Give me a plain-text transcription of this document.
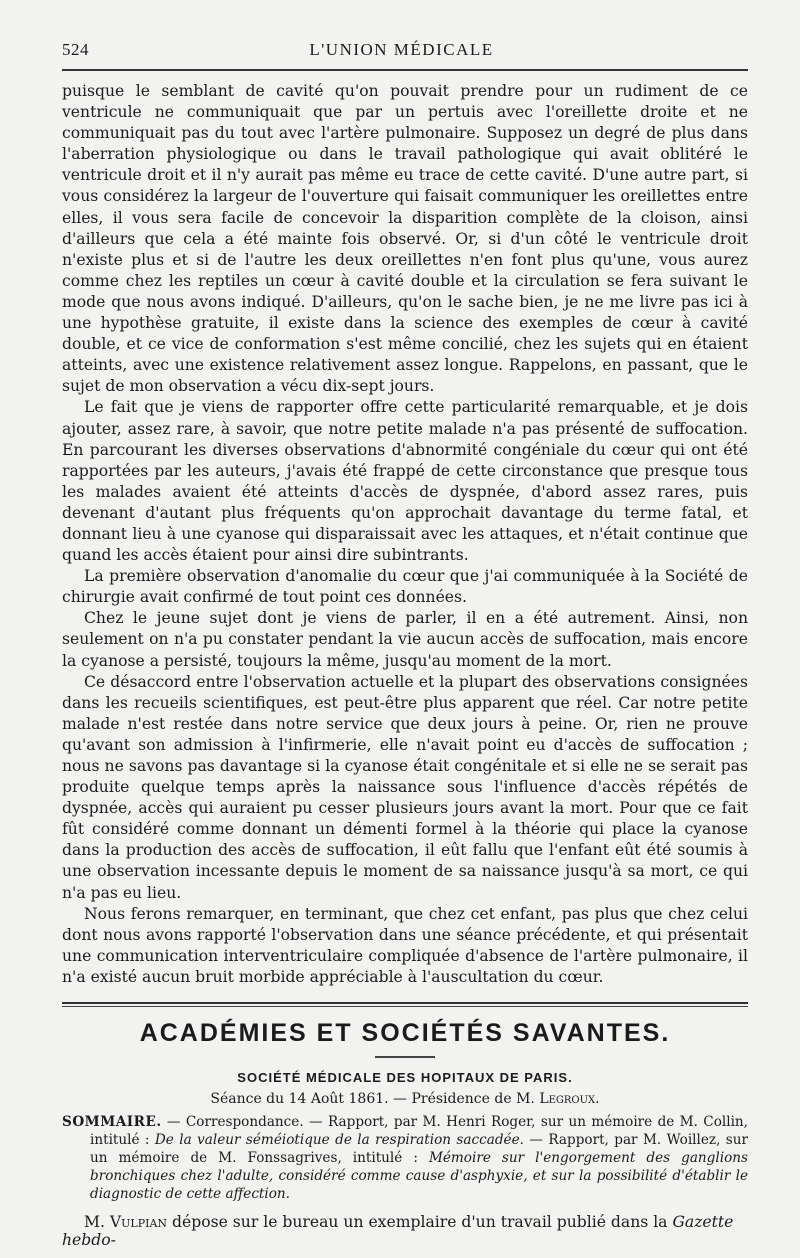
524	L'UNION MÉDICALE

puisque le semblant de cavité qu'on pouvait prendre pour un rudiment de ce ventricule ne communiquait que par un pertuis avec l'oreillette droite et ne communiquait pas du tout avec l'artère pulmonaire. Supposez un degré de plus dans l'aberration physiologique ou dans le travail pathologique qui avait oblitéré le ventricule droit et il n'y aurait pas même eu trace de cette cavité. D'une autre part, si vous considérez la largeur de l'ouverture qui faisait communiquer les oreillettes entre elles, il vous sera facile de concevoir la disparition complète de la cloison, ainsi d'ailleurs que cela a été mainte fois observé. Or, si d'un côté le ventricule droit n'existe plus et si de l'autre les deux oreillettes n'en font plus qu'une, vous aurez comme chez les reptiles un cœur à cavité double et la circulation se fera suivant le mode que nous avons indiqué. D'ailleurs, qu'on le sache bien, je ne me livre pas ici à une hypothèse gratuite, il existe dans la science des exemples de cœur à cavité double, et ce vice de conformation s'est même concilié, chez les sujets qui en étaient atteints, avec une existence relativement assez longue. Rappelons, en passant, que le sujet de mon observation a vécu dix-sept jours.

Le fait que je viens de rapporter offre cette particularité remarquable, et je dois ajouter, assez rare, à savoir, que notre petite malade n'a pas présenté de suffocation. En parcourant les diverses observations d'abnormité congéniale du cœur qui ont été rapportées par les auteurs, j'avais été frappé de cette circonstance que presque tous les malades avaient été atteints d'accès de dyspnée, d'abord assez rares, puis devenant d'autant plus fréquents qu'on approchait davantage du terme fatal, et donnant lieu à une cyanose qui disparaissait avec les attaques, et n'était continue que quand les accès étaient pour ainsi dire subintrants.

La première observation d'anomalie du cœur que j'ai communiquée à la Société de chirurgie avait confirmé de tout point ces données.

Chez le jeune sujet dont je viens de parler, il en a été autrement. Ainsi, non seulement on n'a pu constater pendant la vie aucun accès de suffocation, mais encore la cyanose a persisté, toujours la même, jusqu'au moment de la mort.

Ce désaccord entre l'observation actuelle et la plupart des observations consignées dans les recueils scientifiques, est peut-être plus apparent que réel. Car notre petite malade n'est restée dans notre service que deux jours à peine. Or, rien ne prouve qu'avant son admission à l'infirmerie, elle n'avait point eu d'accès de suffocation ; nous ne savons pas davantage si la cyanose était congénitale et si elle ne se serait pas produite quelque temps après la naissance sous l'influence d'accès répétés de dyspnée, accès qui auraient pu cesser plusieurs jours avant la mort. Pour que ce fait fût considéré comme donnant un démenti formel à la théorie qui place la cyanose dans la production des accès de suffocation, il eût fallu que l'enfant eût été soumis à une observation incessante depuis le moment de sa naissance jusqu'à sa mort, ce qui n'a pas eu lieu.

Nous ferons remarquer, en terminant, que chez cet enfant, pas plus que chez celui dont nous avons rapporté l'observation dans une séance précédente, et qui présentait une communication interventriculaire compliquée d'absence de l'artère pulmonaire, il n'a existé aucun bruit morbide appréciable à l'auscultation du cœur.

ACADÉMIES ET SOCIÉTÉS SAVANTES.
SOCIÉTÉ MÉDICALE DES HOPITAUX DE PARIS.
Séance du 14 Août 1861. — Présidence de M. Legroux.
SOMMAIRE. — Correspondance. — Rapport, par M. Henri Roger, sur un mémoire de M. Collin, intitulé : De la valeur séméiotique de la respiration saccadée. — Rapport, par M. Woillez, sur un mémoire de M. Fonssagrives, intitulé : Mémoire sur l'engorgement des ganglions bronchiques chez l'adulte, considéré comme cause d'asphyxie, et sur la possibilité d'établir le diagnostic de cette affection.
M. Vulpian dépose sur le bureau un exemplaire d'un travail publié dans la Gazette hebdo-
